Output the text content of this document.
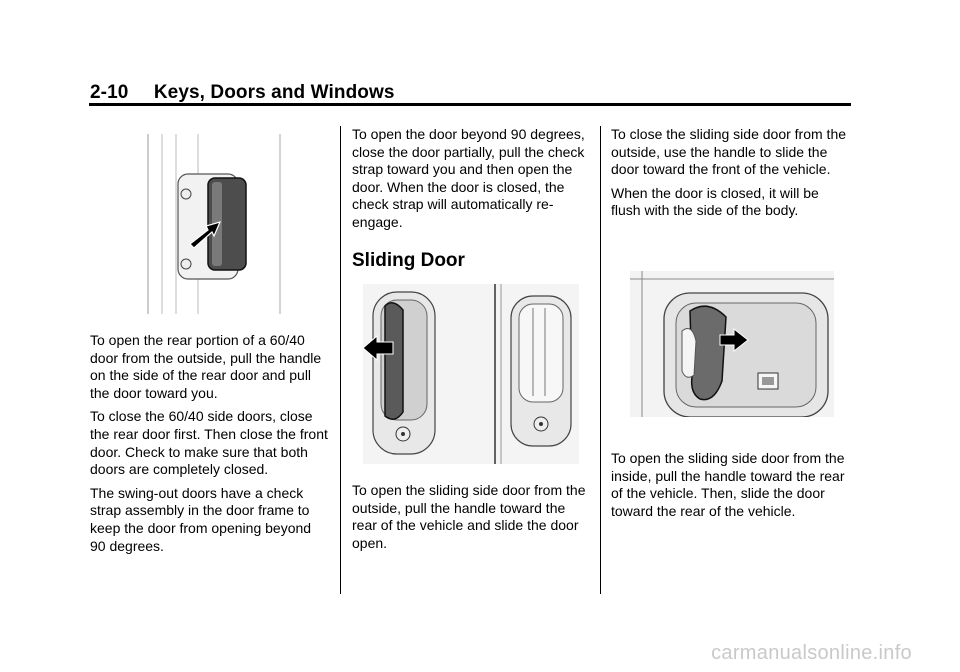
2-10 Keys, Doors and Windows

To open the rear portion of a 60/40 door from the outside, pull the handle on the side of the rear door and pull the door toward you.

To close the 60/40 side doors, close the rear door first. Then close the front door. Check to make sure that both doors are completely closed.

The swing-out doors have a check strap assembly in the door frame to keep the door from opening beyond 90 degrees.

To open the door beyond 90 degrees, close the door partially, pull the check strap toward you and then open the door. When the door is closed, the check strap will automatically re-engage.

Sliding Door

To open the sliding side door from the outside, pull the handle toward the rear of the vehicle and slide the door open.

To close the sliding side door from the outside, use the handle to slide the door toward the front of the vehicle.

When the door is closed, it will be flush with the side of the body.

To open the sliding side door from the inside, pull the handle toward the rear of the vehicle. Then, slide the door toward the rear of the vehicle.

carmanualsonline.info
